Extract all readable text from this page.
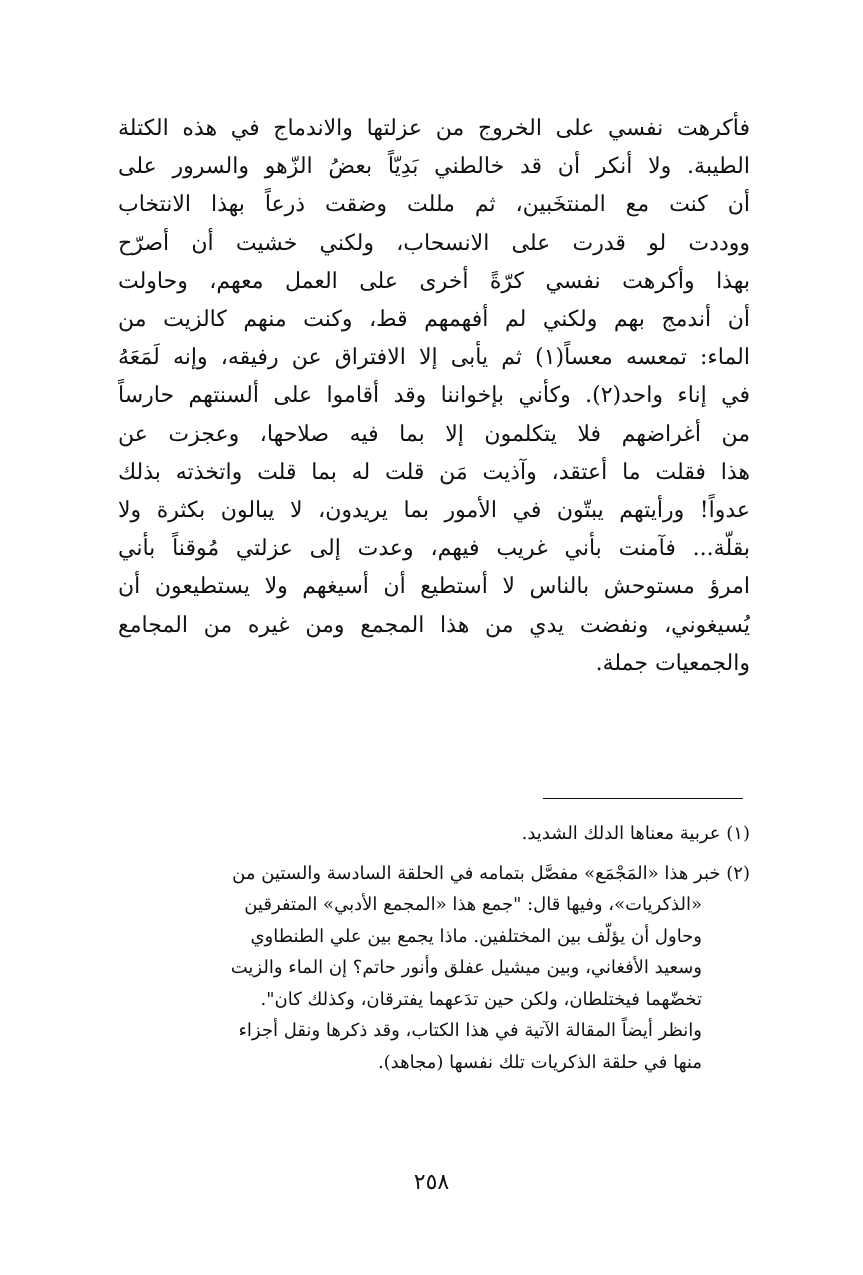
فأكرهت نفسي على الخروج من عزلتها والاندماج في هذه الكتلة
الطيبة. ولا أنكر أن قد خالطني بَدِيّاً بعضُ الزّهو والسرور على
أن كنت مع المنتخَبين، ثم مللت وضقت ذرعاً بهذا الانتخاب
ووددت لو قدرت على الانسحاب، ولكني خشيت أن أصرّح
بهذا وأكرهت نفسي كرّةً أخرى على العمل معهم، وحاولت
أن أندمج بهم ولكني لم أفهمهم قط، وكنت منهم كالزيت من
الماء: تمعسه معساً(١) ثم يأبى إلا الافتراق عن رفيقه، وإنه لَمَعَهُ
في إناء واحد(٢). وكأني بإخواننا وقد أقاموا على ألسنتهم حارساً
من أغراضهم فلا يتكلمون إلا بما فيه صلاحها، وعجزت عن
هذا فقلت ما أعتقد، وآذيت مَن قلت له بما قلت واتخذته بذلك
عدواً! ورأيتهم يبتّون في الأمور بما يريدون، لا يبالون بكثرة ولا
بقلّة... فآمنت بأني غريب فيهم، وعدت إلى عزلتي مُوقناً بأني
امرؤ مستوحش بالناس لا أستطيع أن أسيغهم ولا يستطيعون أن
يُسيغوني، ونفضت يدي من هذا المجمع ومن غيره من المجامع
والجمعيات جملة.
(١) عربية معناها الدلك الشديد.
(٢) خبر هذا «المَجْمَع» مفصَّل بتمامه في الحلقة السادسة والستين من
«الذكريات»، وفيها قال: "جمع هذا «المجمع الأدبي» المتفرقين
وحاول أن يؤلّف بين المختلفين. ماذا يجمع بين علي الطنطاوي
وسعيد الأفغاني، وبين ميشيل عفلق وأنور حاتم؟ إن الماء والزيت
تخضّهما فيختلطان، ولكن حين تدَعهما يفترقان، وكذلك كان".
وانظر أيضاً المقالة الآتية في هذا الكتاب، وقد ذكرها ونقل أجزاء
منها في حلقة الذكريات تلك نفسها (مجاهد).
٢٥٨
